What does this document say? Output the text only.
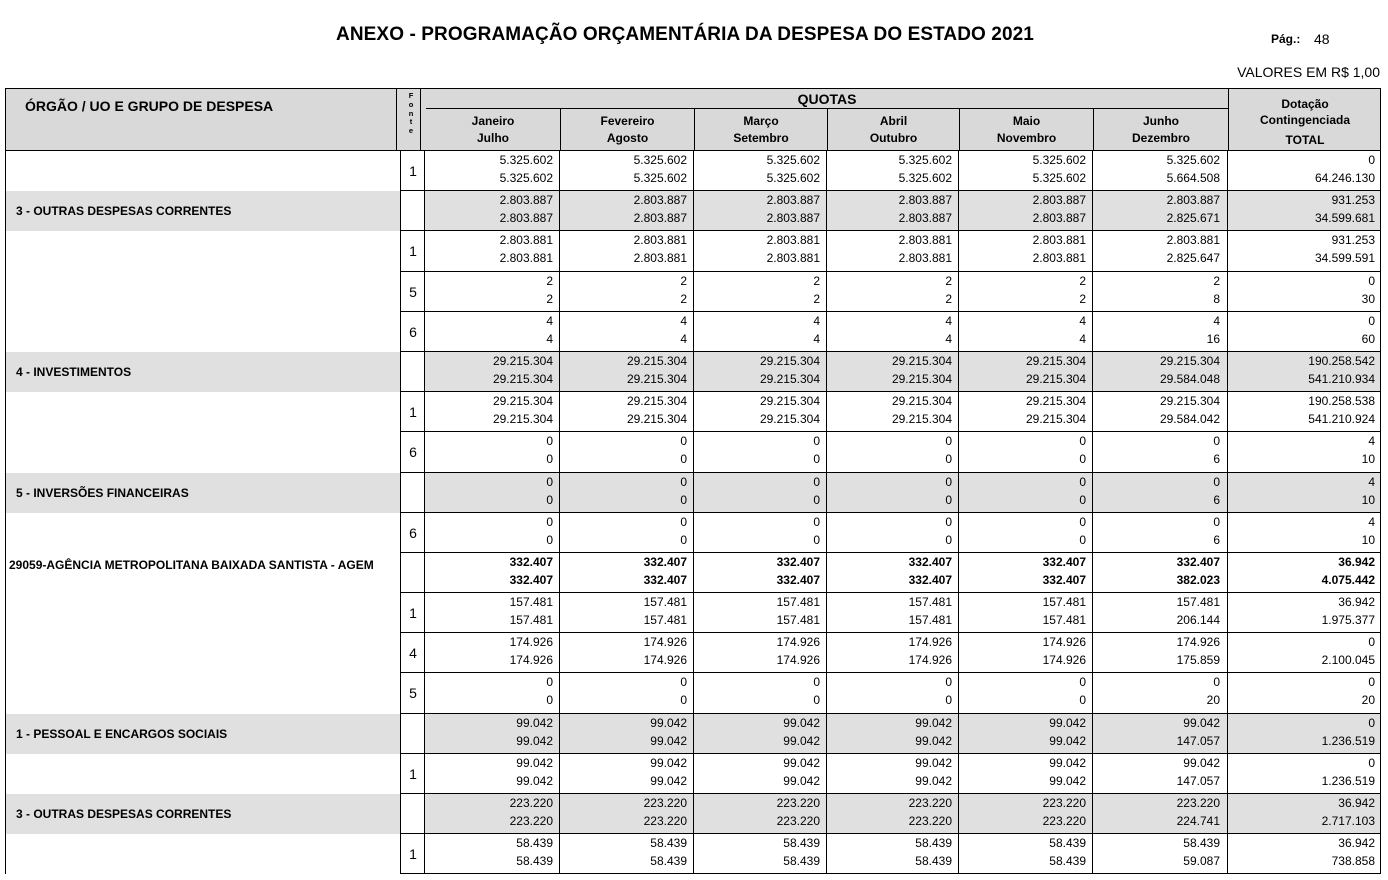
ANEXO - PROGRAMAÇÃO ORÇAMENTÁRIA DA DESPESA DO ESTADO 2021	Pág.: 48
VALORES EM R$ 1,00
ÓRGÃO / UO E GRUPO DE DESPESA
F
o
n
t
e
QUOTAS
Janeiro
Julho
Fevereiro
Agosto
Março
Setembro
Abril
Outubro
Maio
Novembro
Junho
Dezembro
Dotação
Contingenciada
TOTAL
1
5.325.602
5.325.602
5.325.602
5.325.602
5.325.602
5.325.602
5.325.602
5.325.602
5.325.602
5.325.602
5.325.602
5.664.508
0
64.246.130
3 - OUTRAS DESPESAS CORRENTES
2.803.887
2.803.887
2.803.887
2.803.887
2.803.887
2.803.887
2.803.887
2.803.887
2.803.887
2.803.887
2.803.887
2.825.671
931.253
34.599.681
1
2.803.881
2.803.881
2.803.881
2.803.881
2.803.881
2.803.881
2.803.881
2.803.881
2.803.881
2.803.881
2.803.881
2.825.647
931.253
34.599.591
5
2
2
2
2
2
2
2
2
2
2
2
8
0
30
6
4
4
4
4
4
4
4
4
4
4
4
16
0
60
4 - INVESTIMENTOS
29.215.304
29.215.304
29.215.304
29.215.304
29.215.304
29.215.304
29.215.304
29.215.304
29.215.304
29.215.304
29.215.304
29.584.048
190.258.542
541.210.934
1
29.215.304
29.215.304
29.215.304
29.215.304
29.215.304
29.215.304
29.215.304
29.215.304
29.215.304
29.215.304
29.215.304
29.584.042
190.258.538
541.210.924
6
0
0
0
0
0
0
0
0
0
0
0
6
4
10
5 - INVERSÕES FINANCEIRAS
0
0
0
0
0
0
0
0
0
0
0
6
4
10
6
0
0
0
0
0
0
0
0
0
0
0
6
4
10
29059-AGÊNCIA METROPOLITANA BAIXADA SANTISTA - AGEM	332.407
332.407
332.407
332.407
332.407
332.407
332.407
332.407
332.407
332.407
332.407
382.023
36.942
4.075.442
1
157.481
157.481
157.481
157.481
157.481
157.481
157.481
157.481
157.481
157.481
157.481
206.144
36.942
1.975.377
4
174.926
174.926
174.926
174.926
174.926
174.926
174.926
174.926
174.926
174.926
174.926
175.859
0
2.100.045
5
0
0
0
0
0
0
0
0
0
0
0
20
0
20
1 - PESSOAL E ENCARGOS SOCIAIS
99.042
99.042
99.042
99.042
99.042
99.042
99.042
99.042
99.042
99.042
99.042
147.057
0
1.236.519
1
99.042
99.042
99.042
99.042
99.042
99.042
99.042
99.042
99.042
99.042
99.042
147.057
0
1.236.519
3 - OUTRAS DESPESAS CORRENTES
223.220
223.220
223.220
223.220
223.220
223.220
223.220
223.220
223.220
223.220
223.220
224.741
36.942
2.717.103
1
58.439
58.439
58.439
58.439
58.439
58.439
58.439
58.439
58.439
58.439
58.439
59.087
36.942
738.858
